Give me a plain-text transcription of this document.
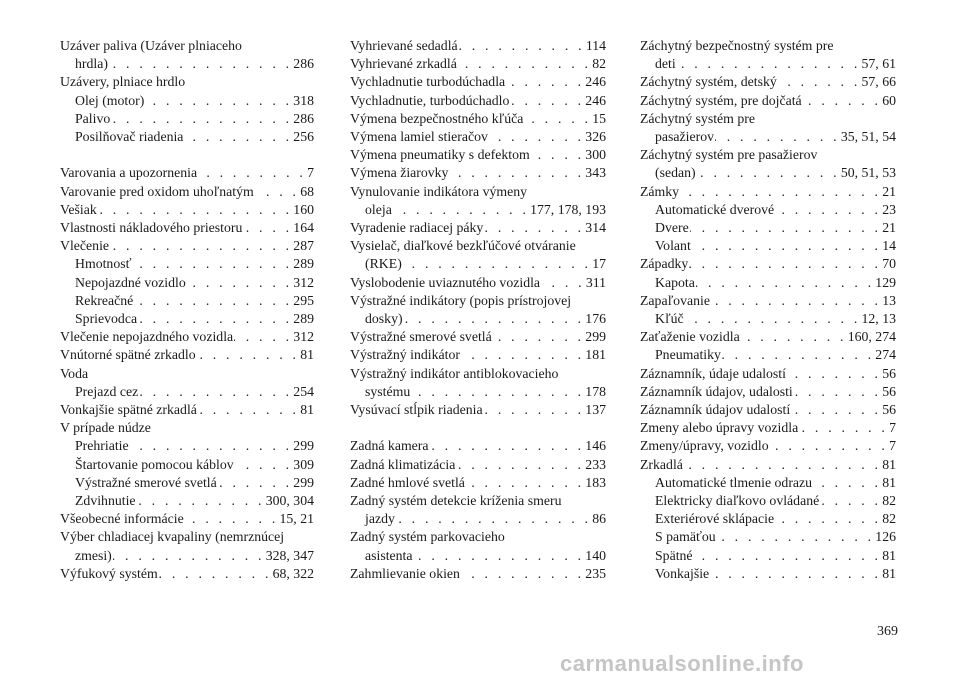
Uzáver paliva (Uzáver plniaceho
hrdla) . . .	286
Uzávery, plniace hrdlo
Olej (motor) . . .	318
Palivo . . .	286
Posilňovač riadenia . . .	256
Varovania a upozornenia . . .	7
Varovanie pred oxidom uhoľnatým . . .	68
Vešiak . . .	160
Vlastnosti nákladového priestoru . . .	164
Vlečenie . . .	287
Hmotnosť . . .	289
Nepojazdné vozidlo . . .	312
Rekreačné . . .	295
Sprievodca . . .	289
Vlečenie nepojazdného vozidla . . .	312
Vnútorné spätné zrkadlo . . .	81
Voda
Prejazd cez . . .	254
Vonkajšie spätné zrkadlá . . .	81
V prípade núdze
Prehriatie . . .	299
Štartovanie pomocou káblov . . .	309
Výstražné smerové svetlá . . .	299
Zdvihnutie . . .	300, 304
Všeobecné informácie . . .	15, 21
Výber chladiacej kvapaliny (nemrznúcej
zmesi) . . .	328, 347
Výfukový systém . . .	68, 322
Vyhrievané sedadlá . . .	114
Vyhrievané zrkadlá . . .	82
Vychladnutie turbodúchadla . . .	246
Vychladnutie, turbodúchadlo . . .	246
Výmena bezpečnostného kľúča . . .	15
Výmena lamiel stieračov . . .	326
Výmena pneumatiky s defektom . . .	300
Výmena žiarovky . . .	343
Vynulovanie indikátora výmeny
oleja . . .	177, 178, 193
Vyradenie radiacej páky . . .	314
Vysielač, diaľkové bezkľúčové otváranie
(RKE) . . .	17
Vyslobodenie uviaznutého vozidla . . .	311
Výstražné indikátory (popis prístrojovej
dosky) . . .	176
Výstražné smerové svetlá . . .	299
Výstražný indikátor . . .	181
Výstražný indikátor antiblokovacieho
systému . . .	178
Vysúvací stĺpik riadenia . . .	137
Zadná kamera . . .	146
Zadná klimatizácia . . .	233
Zadné hmlové svetlá . . .	183
Zadný systém detekcie kríženia smeru
jazdy . . .	86
Zadný systém parkovacieho
asistenta . . .	140
Zahmlievanie okien . . .	235
Záchytný bezpečnostný systém pre
deti . . .	57, 61
Záchytný systém, detský . . .	57, 66
Záchytný systém, pre dojčatá . . .	60
Záchytný systém pre
pasažierov . . .	35, 51, 54
Záchytný systém pre pasažierov
(sedan) . . .	50, 51, 53
Zámky . . .	21
Automatické dverové . . .	23
Dvere . . .	21
Volant . . .	14
Západky . . .	70
Kapota . . .	129
Zapaľovanie . . .	13
Kľúč . . .	12, 13
Zaťaženie vozidla . . .	160, 274
Pneumatiky . . .	274
Záznamník, údaje udalostí . . .	56
Záznamník údajov, udalosti . . .	56
Záznamník údajov udalostí . . .	56
Zmeny alebo úpravy vozidla . . .	7
Zmeny/úpravy, vozidlo . . .	7
Zrkadlá . . .	81
Automatické tlmenie odrazu . . .	81
Elektricky diaľkovo ovládané . . .	82
Exteriérové sklápacie . . .	82
S pamäťou . . .	126
Spätné . . .	81
Vonkajšie . . .	81
369
carmanualsonline.info
